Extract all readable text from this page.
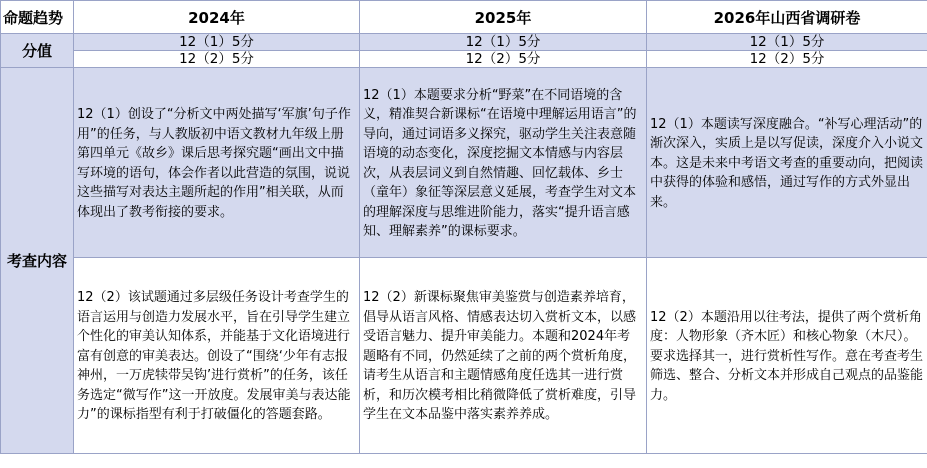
命题趋势	2024年	2025年	2026年山西省调研卷
分值	12（1）5分	12（1）5分	12（1）5分
	12（2）5分	12（2）5分	12（2）5分
考查内容	12（1）创设了“分析文中两处描写‘军旗’句子作用”的任务，与人教版初中语文教材九年级上册第四单元《故乡》课后思考探究题“画出文中描写环境的语句，体会作者以此营造的氛围，说说这些描写对表达主题所起的作用”相关联，从而体现出了教考衔接的要求。	12（1）本题要求分析“野菜”在不同语境的含义，精准契合新课标“在语境中理解运用语言”的导向，通过词语多义探究，驱动学生关注表意随语境的动态变化，深度挖掘文本情感与内容层次，从表层词义到自然情趣、回忆载体、乡士（童年）象征等深层意义延展，考查学生对文本的理解深度与思维进阶能力，落实“提升语言感知、理解素养”的课标要求。	12（1）本题读写深度融合。“补写心理活动”的渐次深入，实质上是以写促读，深度介入小说文本。这是未来中考语文考查的重要动向，把阅读中获得的体验和感悟，通过写作的方式外显出来。

	12（2）该试题通过多层级任务设计考查学生的语言运用与创造力发展水平，旨在引导学生建立个性化的审美认知体系，并能基于文化语境进行富有创意的审美表达。创设了“围绕‘少年有志报神州，一万虎犊带吴钩’进行赏析”的任务，该任务选定“微写作”这一开放度。发展审美与表达能力”的课标指型有利于打破僵化的答题套路。	12（2）新课标聚焦审美鉴赏与创造素养培育，倡导从语言风格、情感表达切入赏析文本，以感受语言魅力、提升审美能力。本题和2024年考题略有不同，仍然延续了之前的两个赏析角度，请考生从语言和主题情感角度任选其一进行赏析，和历次模考相比稍微降低了赏析难度，引导学生在文本品鉴中落实素养养成。	12（2）本题沿用以往考法，提供了两个赏析角度：人物形象（齐木匠）和核心物象（木尺）。要求选择其一，进行赏析性写作。意在考查考生筛选、整合、分析文本并形成自己观点的品鉴能力。
